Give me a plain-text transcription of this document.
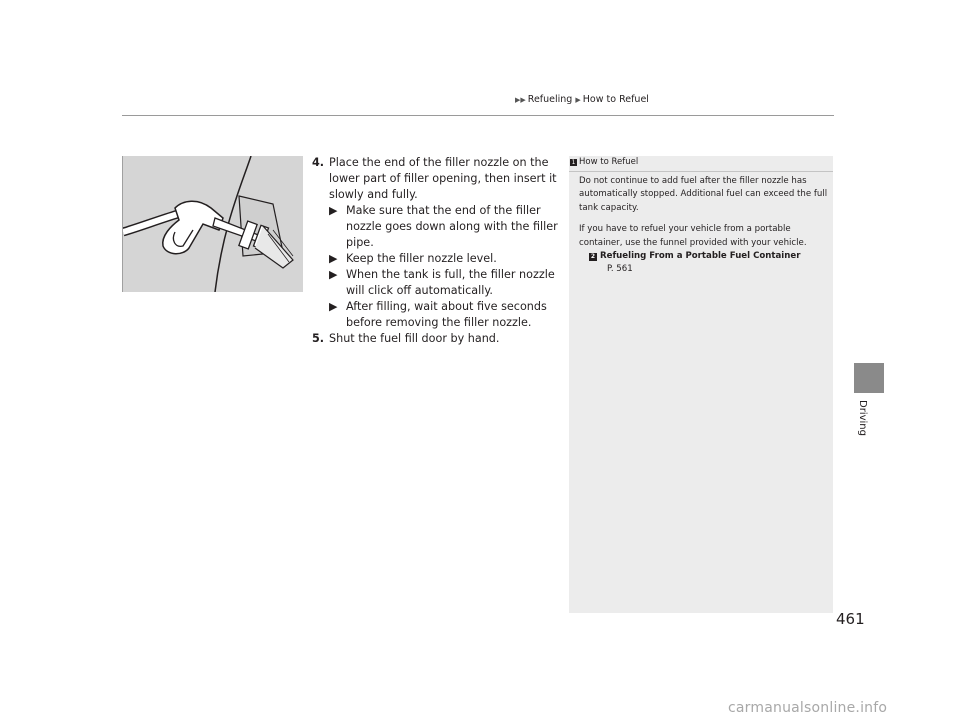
▶▶ Refueling ▶ How to Refuel
4. Place the end of the filler nozzle on the lower part of filler opening, then insert it slowly and fully.
▶ Make sure that the end of the filler nozzle goes down along with the filler pipe.
▶ Keep the filler nozzle level.
▶ When the tank is full, the filler nozzle will click off automatically.
▶ After filling, wait about five seconds before removing the filler nozzle.
5. Shut the fuel fill door by hand.
1 How to Refuel

Do not continue to add fuel after the filler nozzle has automatically stopped. Additional fuel can exceed the full tank capacity.

If you have to refuel your vehicle from a portable container, use the funnel provided with your vehicle.

2 Refueling From a Portable Fuel Container
P. 561
Driving
461
carmanualsonline.info
